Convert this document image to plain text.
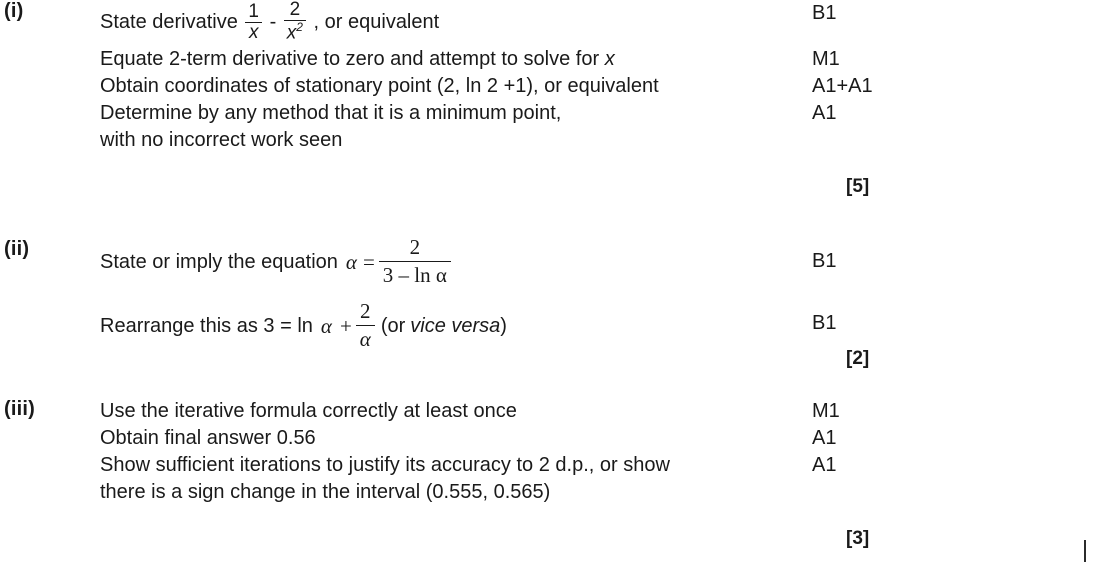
(i)	State derivative $\frac{1}{x} - \frac{2}{x^2}$ , or equivalent
Equate 2-term derivative to zero and attempt to solve for x
Obtain coordinates of stationary point (2, ln 2 +1), or equivalent
Determine by any method that it is a minimum point,
with no incorrect work seen
B1
M1
A1+A1
A1
[5]
(ii)
State or imply the equation $\alpha = \frac{2}{\text{3 – ln α}}$
Rearrange this as $3 = \ln \alpha + \frac{2}{\alpha} (or$ vice versa )
B1
B1
[2]
(iii)	Use the iterative formula correctly at least once
Obtain final answer 0.56
Show sufficient iterations to justify its accuracy to 2 d.p., or show
there is a sign change in the interval (0.555, 0.565)
M1
A1
A1
[3]
